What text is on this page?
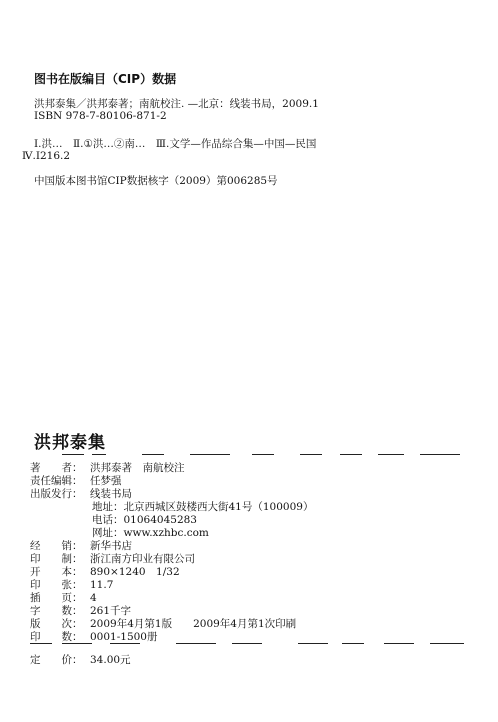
图书在版编目（CIP）数据
洪邦泰集／洪邦泰著；南航校注. —北京：线装书局，2009.1
ISBN 978-7-80106-871-2
Ⅰ.洪…　Ⅱ.①洪…②南…　Ⅲ.文学—作品综合集—中国—民国
Ⅳ.I216.2
中国版本图书馆CIP数据核字（2009）第006285号
洪邦泰集
著　　者： 洪邦泰著　南航校注
责任编辑： 任梦强
出版发行： 线装书局
地址：北京西城区鼓楼西大街41号（100009）
电话：01064045283
网址：www.xzhbc.com
经　　销： 新华书店
印　　制： 浙江南方印业有限公司
开　　本： 890×1240　1/32
印　　张： 11.7
插　　页： 4
字　　数： 261千字
版　　次： 2009年4月第1版　　2009年4月第1次印刷
印　　数： 0001-1500册
定　　价： 34.00元
